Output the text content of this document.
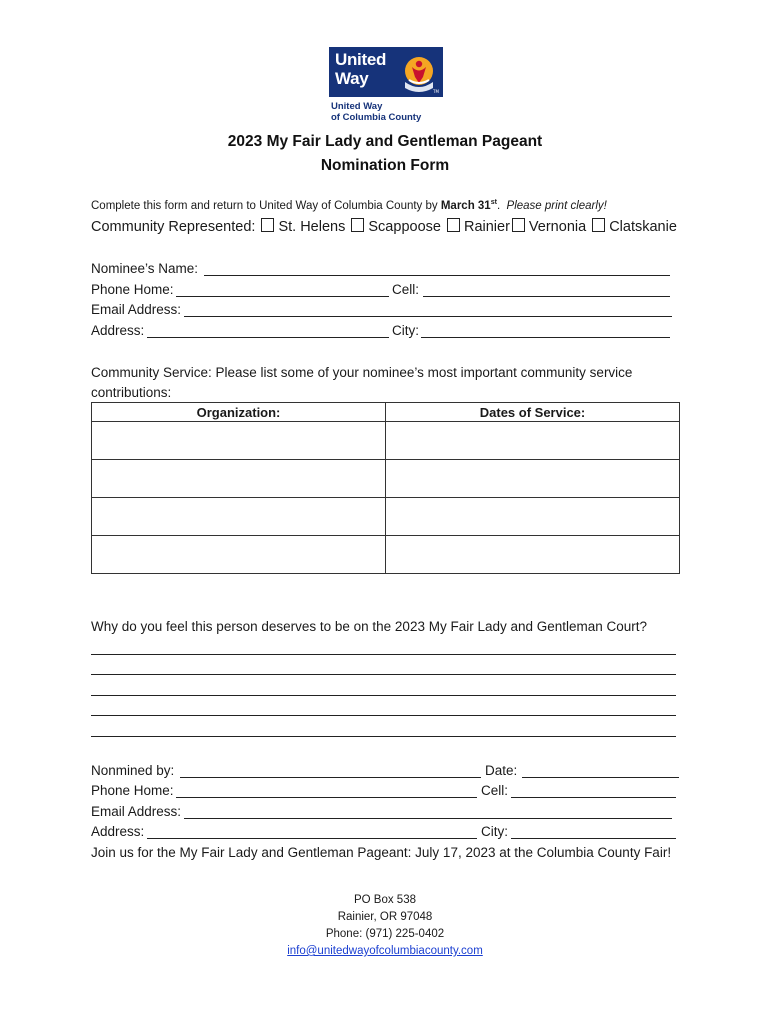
United
Way
TM
United Way
of Columbia County
2023 My Fair Lady and Gentleman Pageant
Nomination Form
Complete this form and return to United Way of Columbia County by March 31st. Please print clearly!
Community Represented: St. Helens Scappoose Rainier Vernonia Clatskanie
Nominee’s Name:
Phone Home:	Cell:
Email Address:
Address:	City:
Community Service: Please list some of your nominee’s most important community service contributions:
Organization:	Dates of Service:

Why do you feel this person deserves to be on the 2023 My Fair Lady and Gentleman Court?
Nonmined by:	Date:
Phone Home:	Cell:
Email Address:
Address:	City:
Join us for the My Fair Lady and Gentleman Pageant: July 17, 2023 at the Columbia County Fair!
PO Box 538
Rainier, OR 97048
Phone: (971) 225-0402
info@unitedwayofcolumbiacounty.com
